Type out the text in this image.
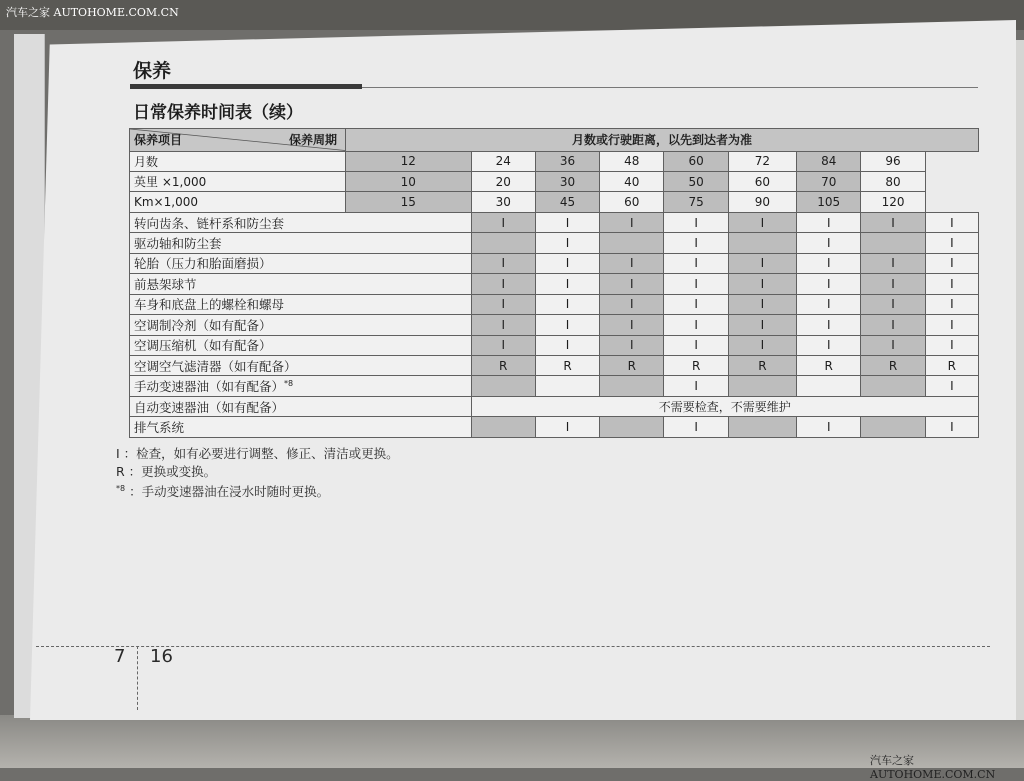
汽车之家 AUTOHOME.COM.CN
保养
日常保养时间表（续）
保养周期
保养项目	月数或行驶距离，以先到达者为准								
月数	12	24	36	48	60	72	84	96	
英里 ×1,000	10	20	30	40	50	60	70	80	
Km×1,000	15	30	45	60	75	90	105	120	
转向齿条、链杆系和防尘套		I	I	I	I	I	I	I	I
驱动轴和防尘套			I		I		I		I
轮胎（压力和胎面磨损）		I	I	I	I	I	I	I	I
前悬架球节		I	I	I	I	I	I	I	I
车身和底盘上的螺栓和螺母		I	I	I	I	I	I	I	I
空调制冷剂（如有配备）		I	I	I	I	I	I	I	I
空调压缩机（如有配备）		I	I	I	I	I	I	I	I
空调空气滤清器（如有配备）		R	R	R	R	R	R	R	R
手动变速器油（如有配备）$^{*8}$					I				I
自动变速器油（如有配备）		不需要检查，不需要维护							
排气系统			I		I		I		I
I ：检查，如有必要进行调整、修正、清洁或更换。
R ：更换或变换。
$^{*8}$ ：手动变速器油在浸水时随时更换。
7 16
汽车之家 AUTOHOME.COM.CN
